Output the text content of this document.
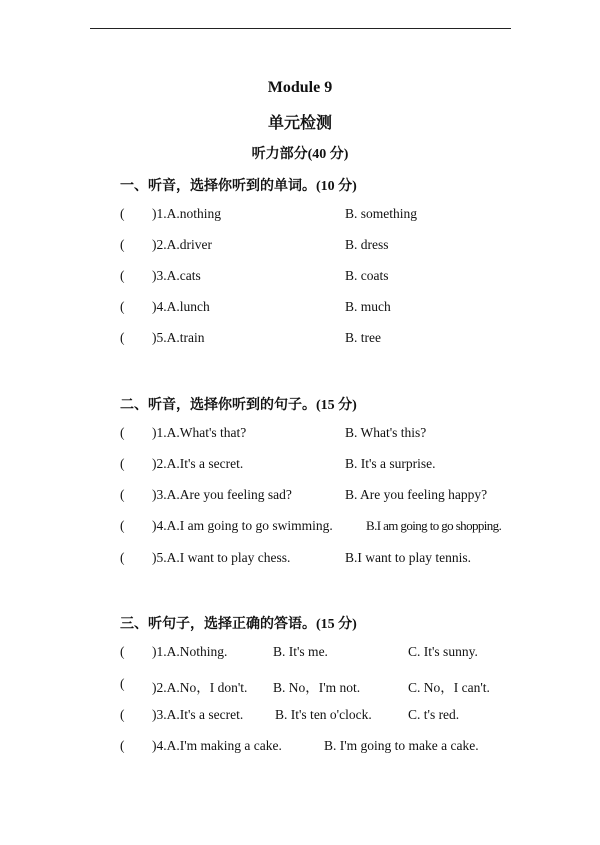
Module 9
单元检测
听力部分(40 分)
一、听音，选择你听到的单词。(10 分)
( )1.A.nothing	B. something
( )2.A.driver	B. dress
( )3.A.cats	B. coats
( )4.A.lunch	B. much
( )5.A.train	B. tree
二、听音，选择你听到的句子。(15 分)
( )1.A.What's that?	B. What's this?
( )2.A.It's a secret.	B. It's a surprise.
( )3.A.Are you feeling sad?	B. Are you feeling happy?
( )4.A.I am going to go swimming.	B.I am going to go shopping.
( )5.A.I want to play chess.	B.I want to play tennis.
三、听句子，选择正确的答语。(15 分)
( )1.A.Nothing.	B. It's me.	C. It's sunny.
( )2.A.No，I don't. B. No，I'm not.	C. No，I can't.
( )3.A.It's a secret. B. It's ten o'clock.	C. t's red.
( )4.A.I'm making a cake.	B. I'm going to make a cake.
